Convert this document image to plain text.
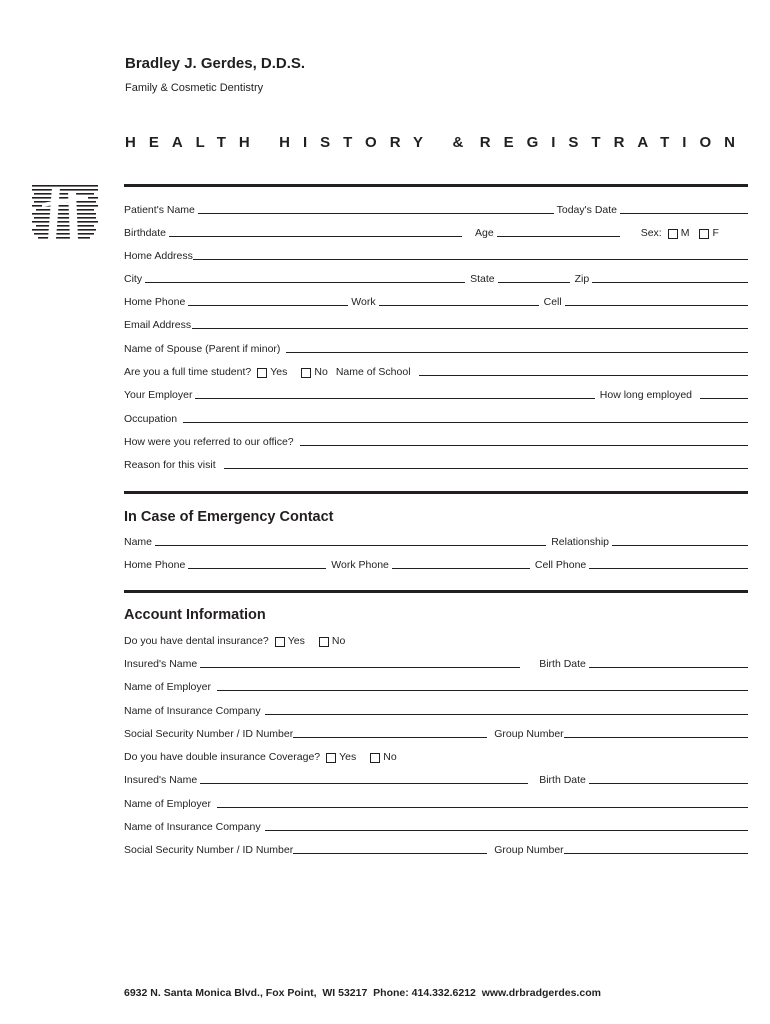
Bradley J. Gerdes, D.D.S.
Family & Cosmetic Dentistry
HEALTH HISTORY & REGISTRATION
Patient's Name	Today's Date
Birthdate	Age	Sex: M F
Home Address
City	State	Zip
Home Phone	Work	Cell
Email Address
Name of Spouse (Parent if minor)
Are you a full time student? Yes	No Name of School
Your Employer	How long employed
Occupation
How were you referred to our office?
Reason for this visit
In Case of Emergency Contact
Name	Relationship
Home Phone	Work Phone	Cell Phone
Account Information
Do you have dental insurance? Yes	No
Insured's Name	Birth Date
Name of Employer
Name of Insurance Company
Social Security Number / ID Number	Group Number
Do you have double insurance Coverage? Yes	No
Insured's Name	Birth Date
Name of Employer
Name of Insurance Company
Social Security Number / ID Number	Group Number
6932 N. Santa Monica Blvd., Fox Point,  WI 53217  Phone: 414.332.6212  www.drbradgerdes.com
